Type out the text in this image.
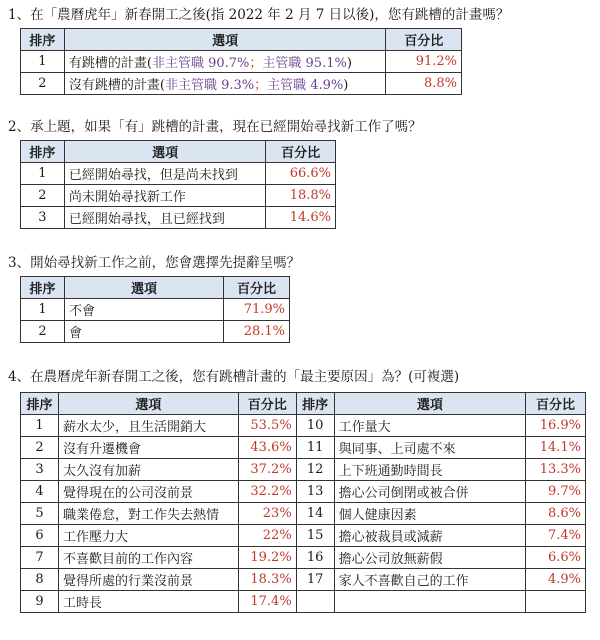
1、在「農曆虎年」新春開工之後(指 2022 年 2 月 7 日以後)，您有跳槽的計畫嗎？
排序	選項	百分比
1	有跳槽的計畫(非主管職 90.7%；主管職 95.1%)	91.2%
2	沒有跳槽的計畫(非主管職 9.3%；主管職 4.9%)	8.8%
2、承上題，如果「有」跳槽的計畫，現在已經開始尋找新工作了嗎？
排序	選項	百分比
1	已經開始尋找，但是尚未找到	66.6%
2	尚未開始尋找新工作	18.8%
3	已經開始尋找，且已經找到	14.6%
3、開始尋找新工作之前，您會選擇先提辭呈嗎？
排序	選項	百分比
1	不會	71.9%
2	會	28.1%
4、在農曆虎年新春開工之後，您有跳槽計畫的「最主要原因」為？(可複選)
排序	選項	百分比	排序	選項	百分比
1	薪水太少，且生活開銷大	53.5%	10	工作量大	16.9%
2	沒有升遷機會	43.6%	11	與同事、上司處不來	14.1%
3	太久沒有加薪	37.2%	12	上下班通勤時間長	13.3%
4	覺得現在的公司沒前景	32.2%	13	擔心公司倒閉或被合併	9.7%
5	職業倦怠，對工作失去熱情	23%	14	個人健康因素	8.6%
6	工作壓力大	22%	15	擔心被裁員或減薪	7.4%
7	不喜歡目前的工作內容	19.2%	16	擔心公司放無薪假	6.6%
8	覺得所處的行業沒前景	18.3%	17	家人不喜歡自己的工作	4.9%
9	工時長	17.4%			
